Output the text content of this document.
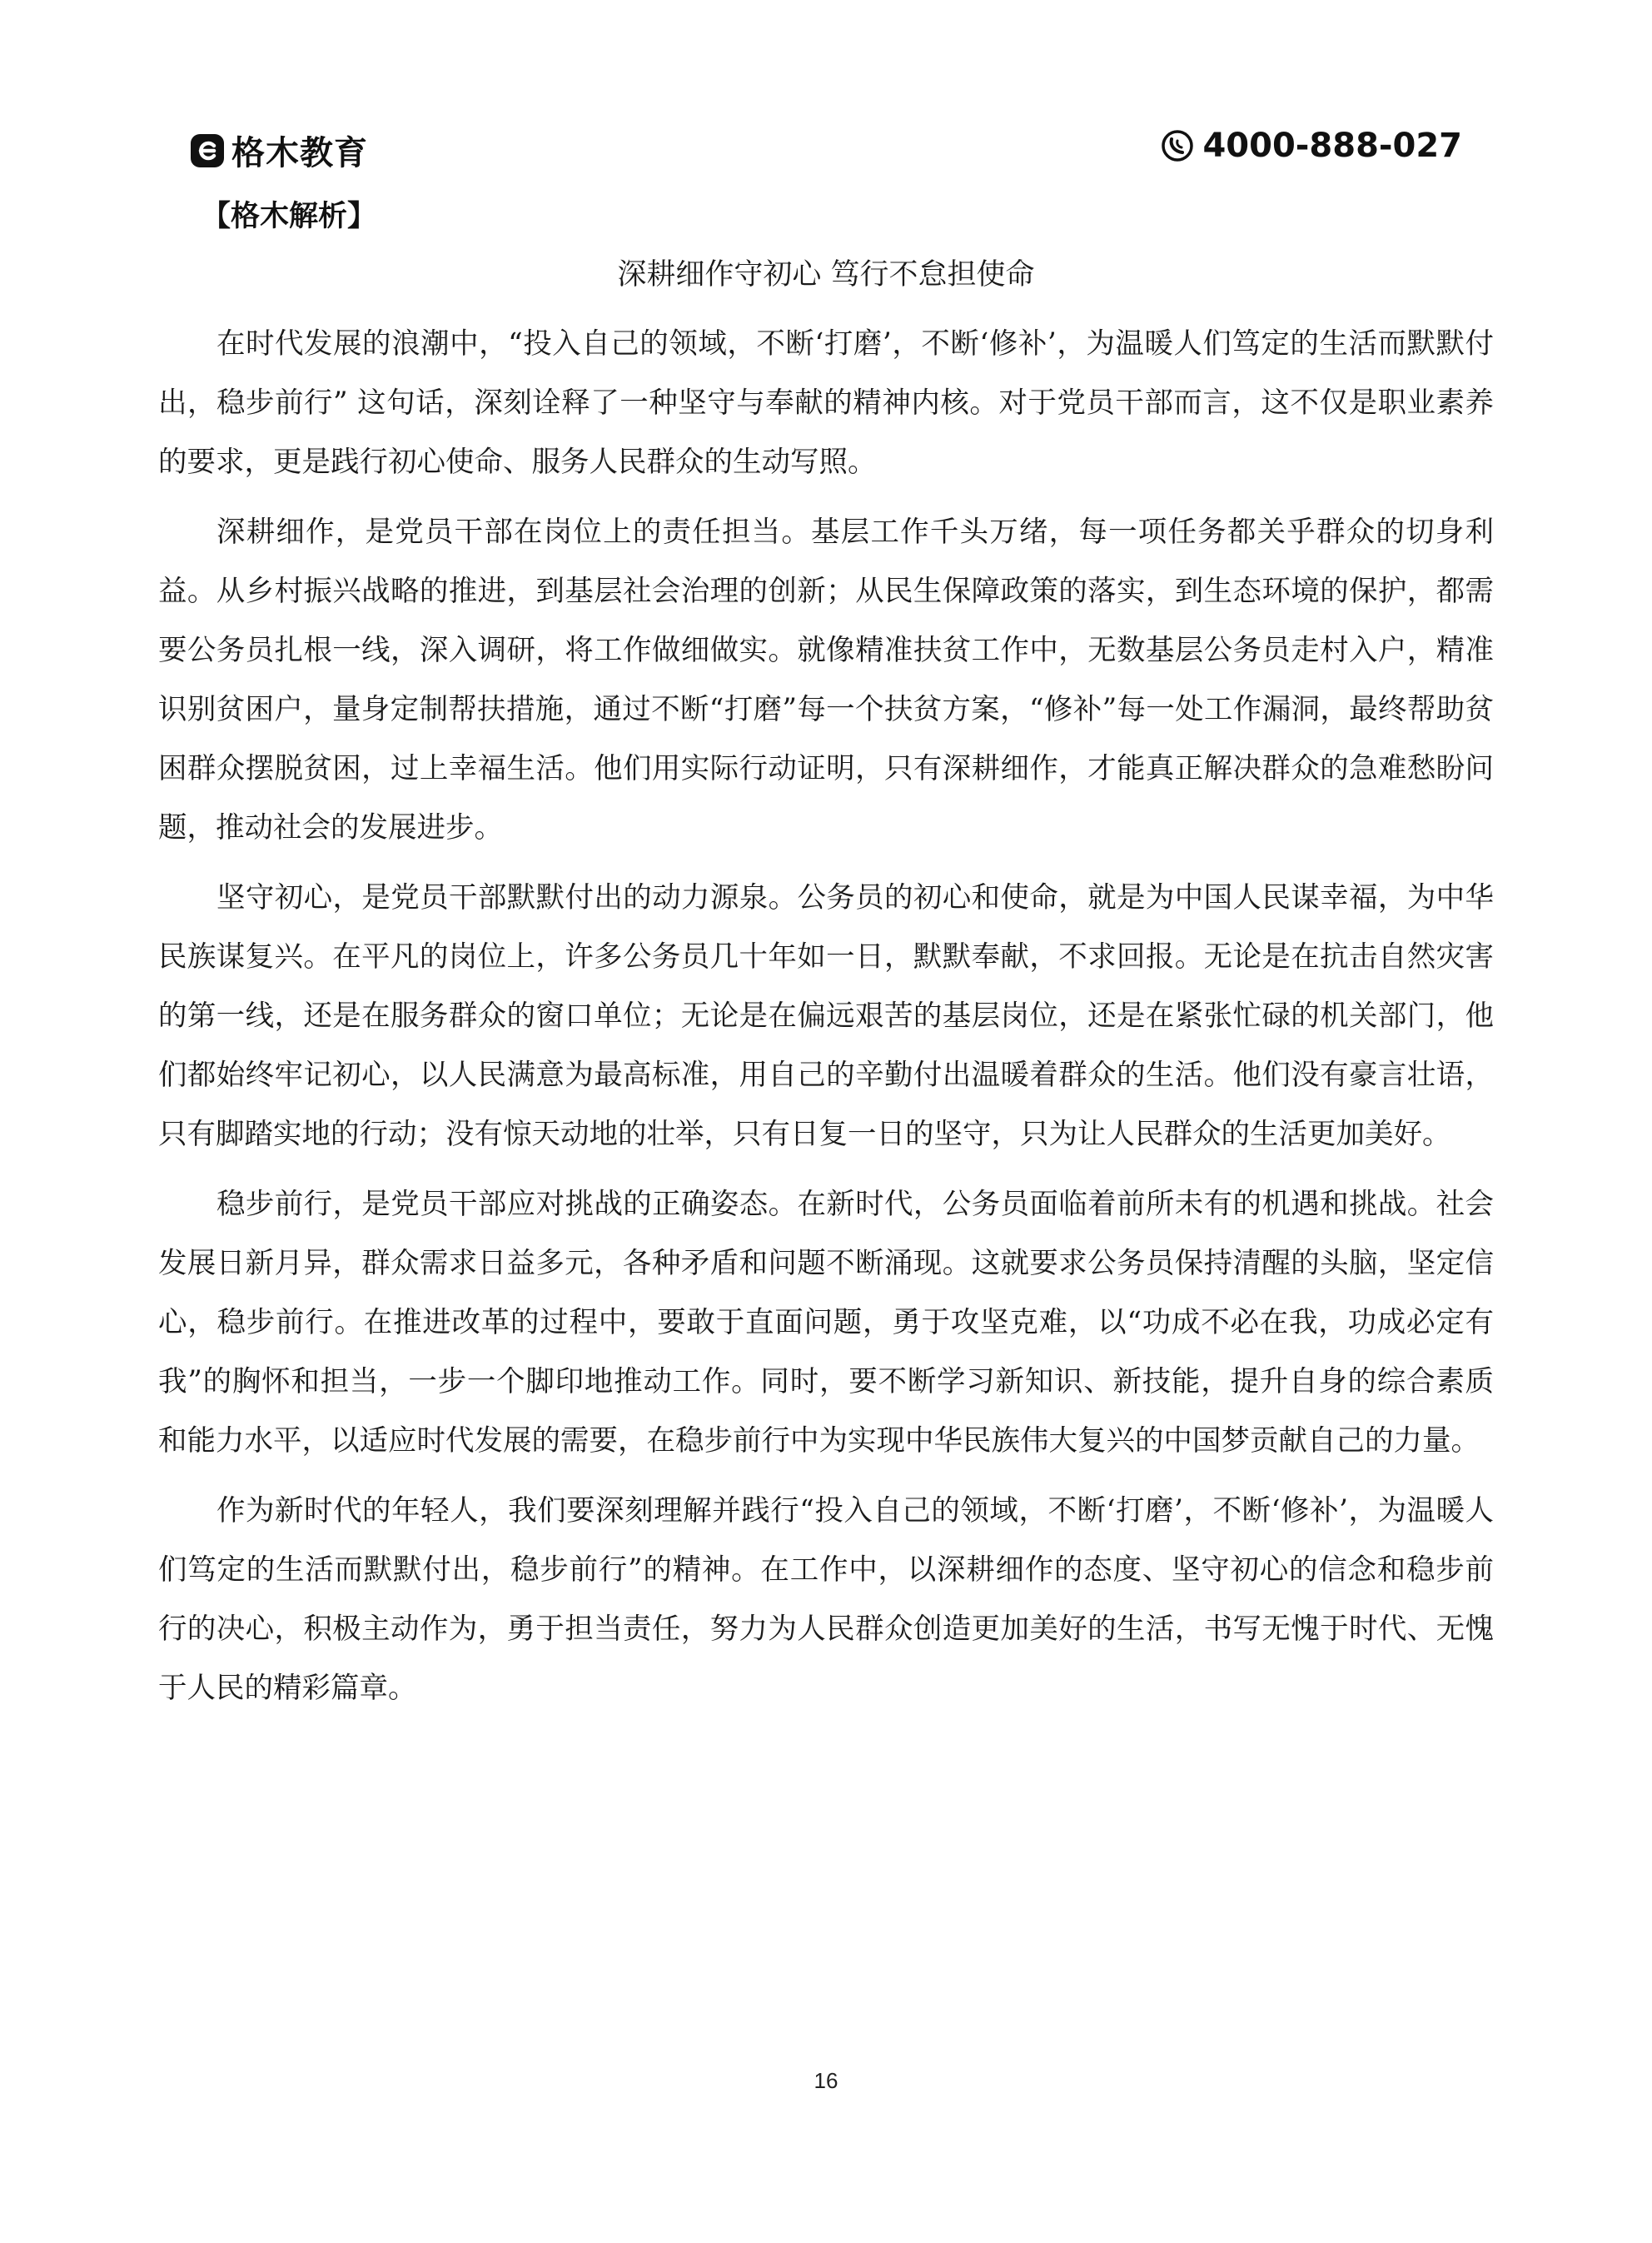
格木教育	4000-888-027
【格木解析】
深耕细作守初心 笃行不怠担使命

在时代发展的浪潮中，“投入自己的领域，不断‘打磨’，不断‘修补’，为温暖人们笃定的生活而默默付出，稳步前行” 这句话，深刻诠释了一种坚守与奉献的精神内核。对于党员干部而言，这不仅是职业素养的要求，更是践行初心使命、服务人民群众的生动写照。

深耕细作，是党员干部在岗位上的责任担当。基层工作千头万绪，每一项任务都关乎群众的切身利益。从乡村振兴战略的推进，到基层社会治理的创新；从民生保障政策的落实，到生态环境的保护，都需要公务员扎根一线，深入调研，将工作做细做实。就像精准扶贫工作中，无数基层公务员走村入户，精准识别贫困户，量身定制帮扶措施，通过不断“打磨”每一个扶贫方案，“修补”每一处工作漏洞，最终帮助贫困群众摆脱贫困，过上幸福生活。他们用实际行动证明，只有深耕细作，才能真正解决群众的急难愁盼问题，推动社会的发展进步。

坚守初心，是党员干部默默付出的动力源泉。公务员的初心和使命，就是为中国人民谋幸福，为中华民族谋复兴。在平凡的岗位上，许多公务员几十年如一日，默默奉献，不求回报。无论是在抗击自然灾害的第一线，还是在服务群众的窗口单位；无论是在偏远艰苦的基层岗位，还是在紧张忙碌的机关部门，他们都始终牢记初心，以人民满意为最高标准，用自己的辛勤付出温暖着群众的生活。他们没有豪言壮语，只有脚踏实地的行动；没有惊天动地的壮举，只有日复一日的坚守，只为让人民群众的生活更加美好。

稳步前行，是党员干部应对挑战的正确姿态。在新时代，公务员面临着前所未有的机遇和挑战。社会发展日新月异，群众需求日益多元，各种矛盾和问题不断涌现。这就要求公务员保持清醒的头脑，坚定信心，稳步前行。在推进改革的过程中，要敢于直面问题，勇于攻坚克难，以“功成不必在我，功成必定有我”的胸怀和担当，一步一个脚印地推动工作。同时，要不断学习新知识、新技能，提升自身的综合素质和能力水平，以适应时代发展的需要，在稳步前行中为实现中华民族伟大复兴的中国梦贡献自己的力量。

作为新时代的年轻人，我们要深刻理解并践行“投入自己的领域，不断‘打磨’，不断‘修补’，为温暖人们笃定的生活而默默付出，稳步前行”的精神。在工作中，以深耕细作的态度、坚守初心的信念和稳步前行的决心，积极主动作为，勇于担当责任，努力为人民群众创造更加美好的生活，书写无愧于时代、无愧于人民的精彩篇章。

16
